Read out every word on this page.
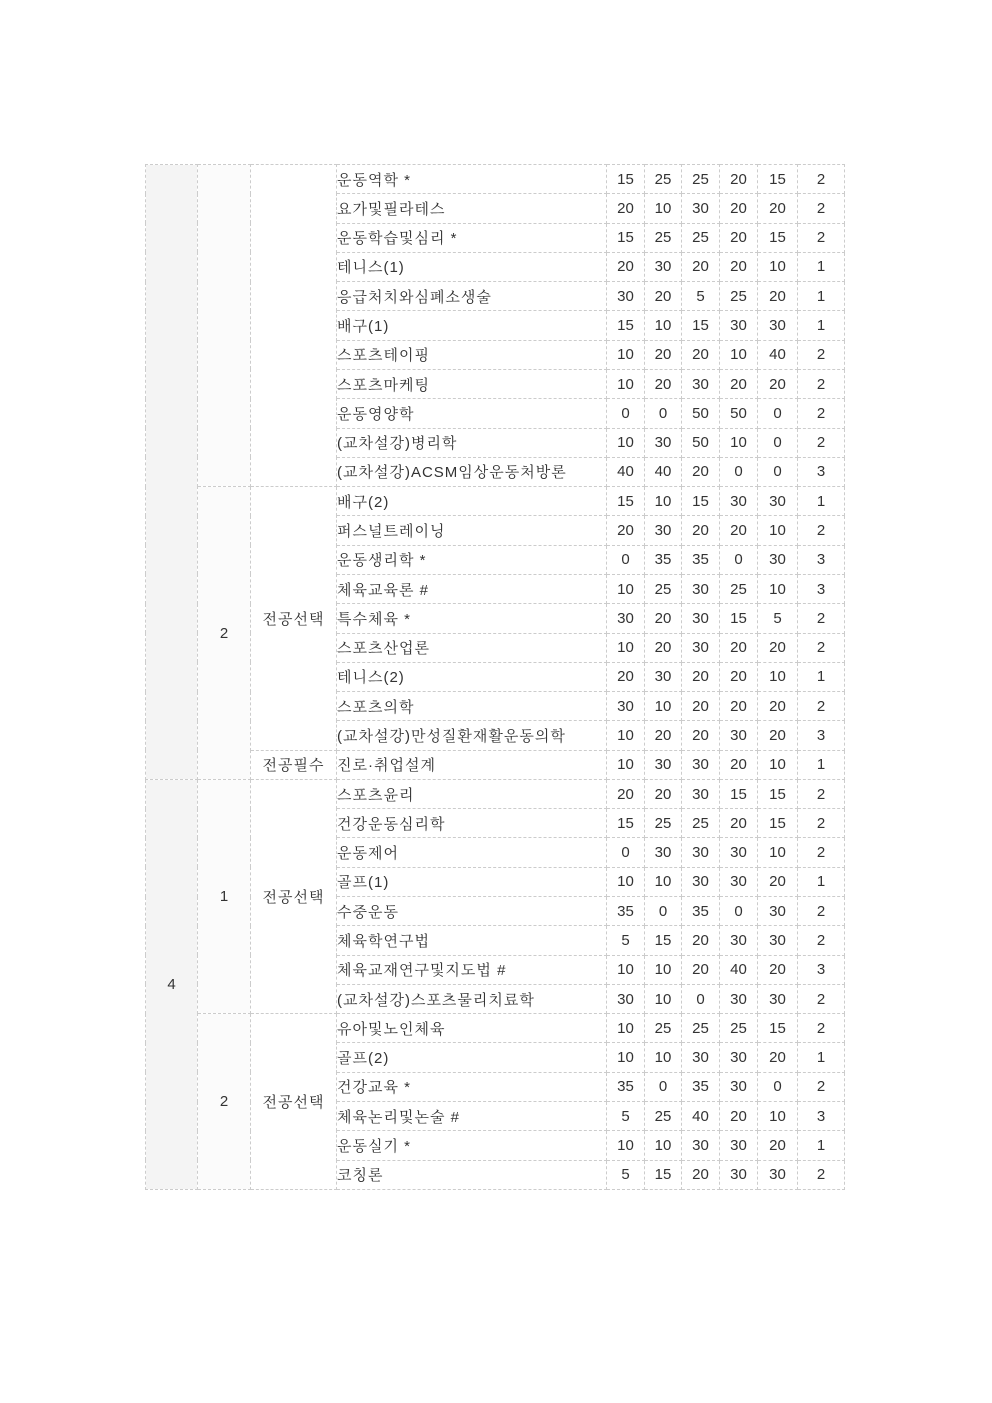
			운동역학 *	15	25	25	20	15	2
			요가및필라테스	20	10	30	20	20	2
			운동학습및심리 *	15	25	25	20	15	2
			테니스(1)	20	30	20	20	10	1
			응급처치와심폐소생술	30	20	5	25	20	1
			배구(1)	15	10	15	30	30	1
			스포츠테이핑	10	20	20	10	40	2
			스포츠마케팅	10	20	30	20	20	2
			운동영양학	0	0	50	50	0	2
			(교차설강)병리학	10	30	50	10	0	2
			(교차설강)ACSM임상운동처방론	40	40	20	0	0	3
	2	전공선택	배구(2)	15	10	15	30	30	1
			퍼스널트레이닝	20	30	20	20	10	2
			운동생리학 *	0	35	35	0	30	3
			체육교육론 #	10	25	30	25	10	3
			특수체육 *	30	20	30	15	5	2
			스포츠산업론	10	20	30	20	20	2
			테니스(2)	20	30	20	20	10	1
			스포츠의학	30	10	20	20	20	2
			(교차설강)만성질환재활운동의학	10	20	20	30	20	3
		전공필수	진로·취업설계	10	30	30	20	10	1
4	1	전공선택	스포츠윤리	20	20	30	15	15	2
			건강운동심리학	15	25	25	20	15	2
			운동제어	0	30	30	30	10	2
			골프(1)	10	10	30	30	20	1
			수중운동	35	0	35	0	30	2
			체육학연구법	5	15	20	30	30	2
			체육교재연구및지도법 #	10	10	20	40	20	3
			(교차설강)스포츠물리치료학	30	10	0	30	30	2
	2	전공선택	유아및노인체육	10	25	25	25	15	2
			골프(2)	10	10	30	30	20	1
			건강교육 *	35	0	35	30	0	2
			체육논리및논술 #	5	25	40	20	10	3
			운동실기 *	10	10	30	30	20	1
			코칭론	5	15	20	30	30	2
